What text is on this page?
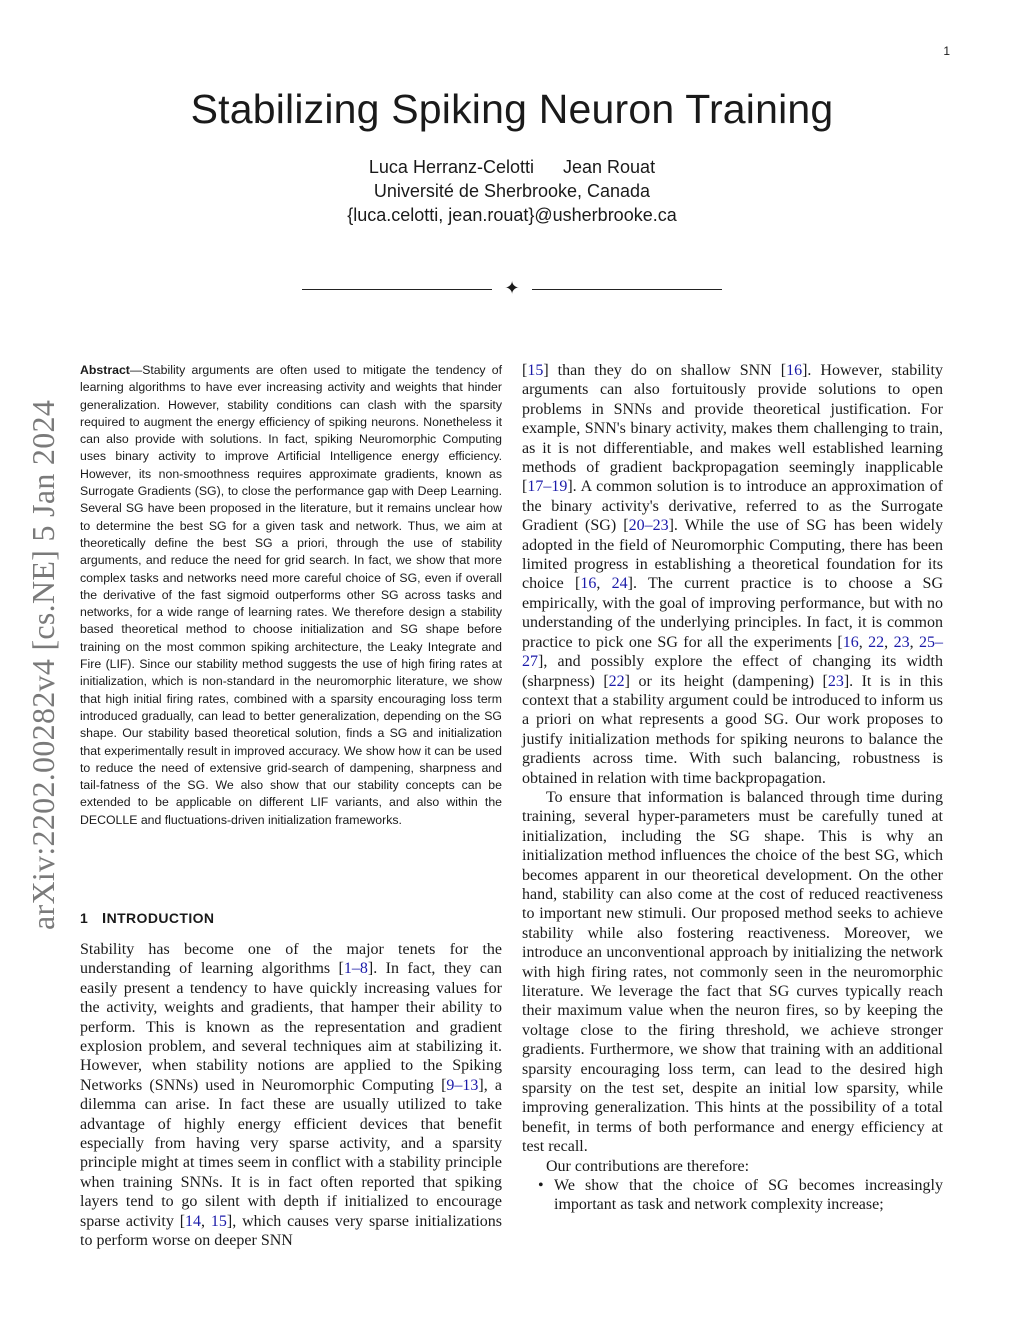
1
Stabilizing Spiking Neuron Training
Luca Herranz-Celotti Jean Rouat
Université de Sherbrooke, Canada
{luca.celotti, jean.rouat}@usherbrooke.ca
✦
arXiv:2202.00282v4 [cs.NE] 5 Jan 2024
Abstract—Stability arguments are often used to mitigate the tendency of learning algorithms to have ever increasing activity and weights that hinder generalization. However, stability conditions can clash with the sparsity required to augment the energy efficiency of spiking neurons. Nonetheless it can also provide with solutions. In fact, spiking Neuromorphic Computing uses binary activity to improve Artificial Intelligence energy efficiency. However, its non-smoothness requires approximate gradients, known as Surrogate Gradients (SG), to close the performance gap with Deep Learning. Several SG have been proposed in the literature, but it remains unclear how to determine the best SG for a given task and network. Thus, we aim at theoretically define the best SG a priori, through the use of stability arguments, and reduce the need for grid search. In fact, we show that more complex tasks and networks need more careful choice of SG, even if overall the derivative of the fast sigmoid outperforms other SG across tasks and networks, for a wide range of learning rates. We therefore design a stability based theoretical method to choose initialization and SG shape before training on the most common spiking architecture, the Leaky Integrate and Fire (LIF). Since our stability method suggests the use of high firing rates at initialization, which is non-standard in the neuromorphic literature, we show that high initial firing rates, combined with a sparsity encouraging loss term introduced gradually, can lead to better generalization, depending on the SG shape. Our stability based theoretical solution, finds a SG and initialization that experimentally result in improved accuracy. We show how it can be used to reduce the need of extensive grid-search of dampening, sharpness and tail-fatness of the SG. We also show that our stability concepts can be extended to be applicable on different LIF variants, and also within the DECOLLE and fluctuations-driven initialization frameworks.
1 INTRODUCTION
Stability has become one of the major tenets for the understanding of learning algorithms [1–8]. In fact, they can easily present a tendency to have quickly increasing values for the activity, weights and gradients, that hamper their ability to perform. This is known as the representation and gradient explosion problem, and several techniques aim at stabilizing it. However, when stability notions are applied to the Spiking Networks (SNNs) used in Neuromorphic Computing [9–13], a dilemma can arise. In fact these are usually utilized to take advantage of highly energy efficient devices that benefit especially from having very sparse activity, and a sparsity principle might at times seem in conflict with a stability principle when training SNNs. It is in fact often reported that spiking layers tend to go silent with depth if initialized to encourage sparse activity [14, 15], which causes very sparse initializations to perform worse on deeper SNN

[15] than they do on shallow SNN [16]. However, stability arguments can also fortuitously provide solutions to open problems in SNNs and provide theoretical justification. For example, SNN's binary activity, makes them challenging to train, as it is not differentiable, and makes well established learning methods of gradient backpropagation seemingly inapplicable [17–19]. A common solution is to introduce an approximation of the binary activity's derivative, referred to as the Surrogate Gradient (SG) [20–23]. While the use of SG has been widely adopted in the field of Neuromorphic Computing, there has been limited progress in establishing a theoretical foundation for its choice [16, 24]. The current practice is to choose a SG empirically, with the goal of improving performance, but with no understanding of the underlying principles. In fact, it is common practice to pick one SG for all the experiments [16, 22, 23, 25–27], and possibly explore the effect of changing its width (sharpness) [22] or its height (dampening) [23]. It is in this context that a stability argument could be introduced to inform us a priori on what represents a good SG. Our work proposes to justify initialization methods for spiking neurons to balance the gradients across time. With such balancing, robustness is obtained in relation with time backpropagation.

To ensure that information is balanced through time during training, several hyper-parameters must be carefully tuned at initialization, including the SG shape. This is why an initialization method influences the choice of the best SG, which becomes apparent in our theoretical development. On the other hand, stability can also come at the cost of reduced reactiveness to important new stimuli. Our proposed method seeks to achieve stability while also fostering reactiveness. Moreover, we introduce an unconventional approach by initializing the network with high firing rates, not commonly seen in the neuromorphic literature. We leverage the fact that SG curves typically reach their maximum value when the neuron fires, so by keeping the voltage close to the firing threshold, we achieve stronger gradients. Furthermore, we show that training with an additional sparsity encouraging loss term, can lead to the desired high sparsity on the test set, despite an initial low sparsity, while improving generalization. This hints at the possibility of a total benefit, in terms of both performance and energy efficiency at test recall.

Our contributions are therefore:

• We show that the choice of SG becomes increasingly important as task and network complexity increase;
